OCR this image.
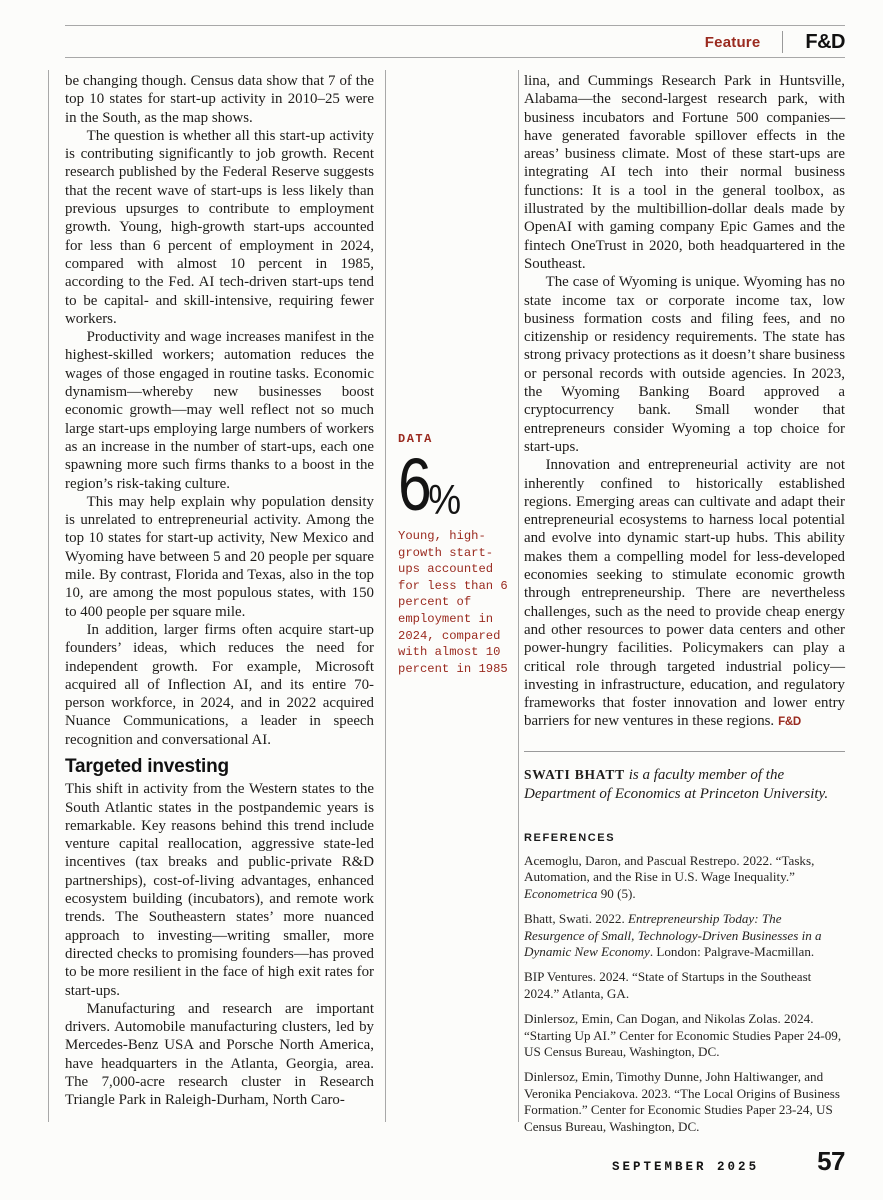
Feature F&D

be changing though. Census data show that 7 of the top 10 states for start-up activity in 2010–25 were in the South, as the map shows.

The question is whether all this start-up activity is contributing significantly to job growth. Recent research published by the Federal Reserve suggests that the recent wave of start-ups is less likely than previous upsurges to contribute to employment growth. Young, high-growth start-ups accounted for less than 6 percent of employment in 2024, compared with almost 10 percent in 1985, according to the Fed. AI tech-driven start-ups tend to be capital- and skill-intensive, requiring fewer workers.

Productivity and wage increases manifest in the highest-skilled workers; automation reduces the wages of those engaged in routine tasks. Economic dynamism—whereby new businesses boost economic growth—may well reflect not so much large start-ups employing large numbers of workers as an increase in the number of start-ups, each one spawning more such firms thanks to a boost in the region’s risk-taking culture.

This may help explain why population density is unrelated to entrepreneurial activity. Among the top 10 states for start-up activity, New Mexico and Wyoming have between 5 and 20 people per square mile. By contrast, Florida and Texas, also in the top 10, are among the most populous states, with 150 to 400 people per square mile.

In addition, larger firms often acquire start-up founders’ ideas, which reduces the need for independent growth. For example, Microsoft acquired all of Inflection AI, and its entire 70-person workforce, in 2024, and in 2022 acquired Nuance Communications, a leader in speech recognition and conversational AI.

Targeted investing

This shift in activity from the Western states to the South Atlantic states in the postpandemic years is remarkable. Key reasons behind this trend include venture capital reallocation, aggressive state-led incentives (tax breaks and public-private R&D partnerships), cost-of-living advantages, enhanced ecosystem building (incubators), and remote work trends. The Southeastern states’ more nuanced approach to investing—writing smaller, more directed checks to promising founders—has proved to be more resilient in the face of high exit rates for start-ups.

Manufacturing and research are important drivers. Automobile manufacturing clusters, led by Mercedes-Benz USA and Porsche North America, have headquarters in the Atlanta, Georgia, area. The 7,000-acre research cluster in Research Triangle Park in Raleigh-Durham, North Caro-

DATA
6%
Young, high-growth start-ups accounted for less than 6 percent of employment in 2024, compared with almost 10 percent in 1985

lina, and Cummings Research Park in Huntsville, Alabama—the second-largest research park, with business incubators and Fortune 500 companies—have generated favorable spillover effects in the areas’ business climate. Most of these start-ups are integrating AI tech into their normal business functions: It is a tool in the general toolbox, as illustrated by the multibillion-dollar deals made by OpenAI with gaming company Epic Games and the fintech OneTrust in 2020, both headquartered in the Southeast.

The case of Wyoming is unique. Wyoming has no state income tax or corporate income tax, low business formation costs and filing fees, and no citizenship or residency requirements. The state has strong privacy protections as it doesn’t share business or personal records with outside agencies. In 2023, the Wyoming Banking Board approved a cryptocurrency bank. Small wonder that entrepreneurs consider Wyoming a top choice for start-ups.

Innovation and entrepreneurial activity are not inherently confined to historically established regions. Emerging areas can cultivate and adapt their entrepreneurial ecosystems to harness local potential and evolve into dynamic start-up hubs. This ability makes them a compelling model for less-developed economies seeking to stimulate economic growth through entrepreneurship. There are nevertheless challenges, such as the need to provide cheap energy and other resources to power data centers and other power-hungry facilities. Policymakers can play a critical role through targeted industrial policy—investing in infrastructure, education, and regulatory frameworks that foster innovation and lower entry barriers for new ventures in these regions. F&D

SWATI BHATT is a faculty member of the Department of Economics at Princeton University.
REFERENCES
Acemoglu, Daron, and Pascual Restrepo. 2022. “Tasks, Automation, and the Rise in U.S. Wage Inequality.” Econometrica 90 (5).
Bhatt, Swati. 2022. Entrepreneurship Today: The Resurgence of Small, Technology-Driven Businesses in a Dynamic New Economy. London: Palgrave-Macmillan.
BIP Ventures. 2024. “State of Startups in the Southeast 2024.” Atlanta, GA.
Dinlersoz, Emin, Can Dogan, and Nikolas Zolas. 2024. “Starting Up AI.” Center for Economic Studies Paper 24-09, US Census Bureau, Washington, DC.
Dinlersoz, Emin, Timothy Dunne, John Haltiwanger, and Veronika Penciakova. 2023. “The Local Origins of Business Formation.” Center for Economic Studies Paper 23-24, US Census Bureau, Washington, DC.
SEPTEMBER 2025 57
